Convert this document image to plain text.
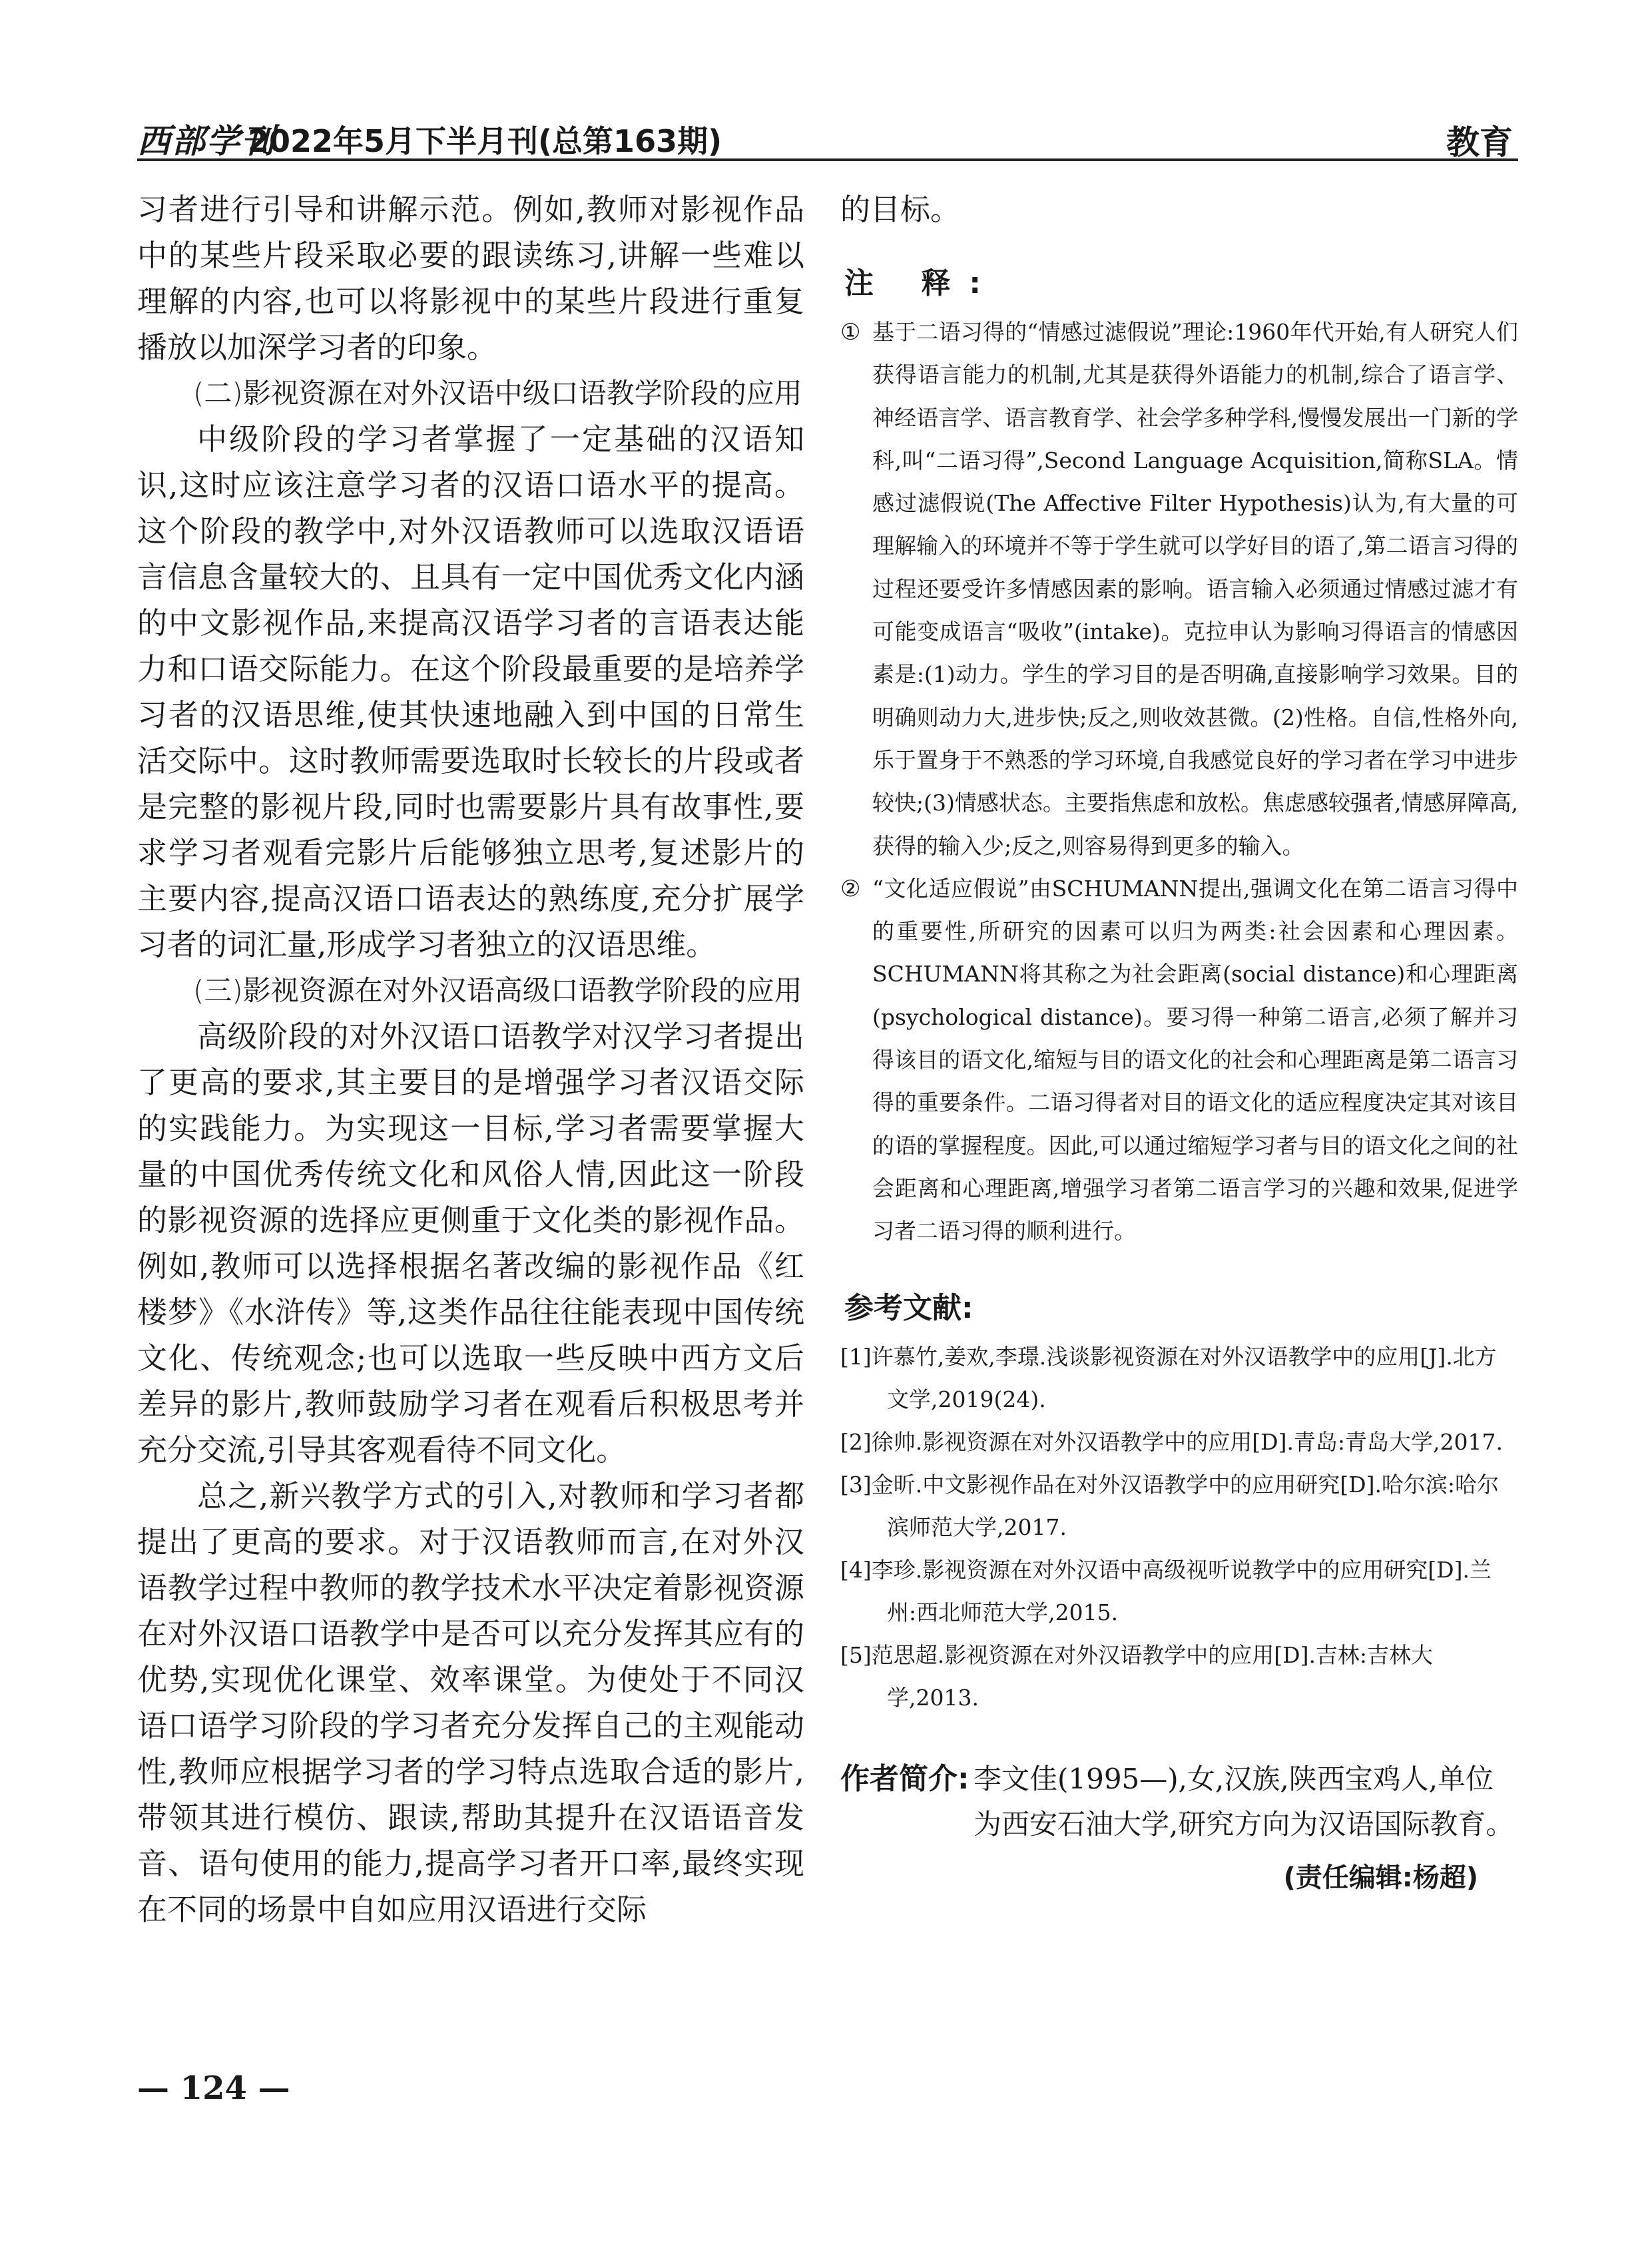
西部学刊
2022年5月下半月刊(总第163期)	教育

习者进行引导和讲解示范。例如,教师对影视作品中的某些片段采取必要的跟读练习,讲解一些难以理解的内容,也可以将影视中的某些片段进行重复播放以加深学习者的印象。

(二)影视资源在对外汉语中级口语教学阶段的应用

中级阶段的学习者掌握了一定基础的汉语知识,这时应该注意学习者的汉语口语水平的提高。这个阶段的教学中,对外汉语教师可以选取汉语语言信息含量较大的、且具有一定中国优秀文化内涵的中文影视作品,来提高汉语学习者的言语表达能力和口语交际能力。在这个阶段最重要的是培养学习者的汉语思维,使其快速地融入到中国的日常生活交际中。这时教师需要选取时长较长的片段或者是完整的影视片段,同时也需要影片具有故事性,要求学习者观看完影片后能够独立思考,复述影片的主要内容,提高汉语口语表达的熟练度,充分扩展学习者的词汇量,形成学习者独立的汉语思维。

(三)影视资源在对外汉语高级口语教学阶段的应用

高级阶段的对外汉语口语教学对汉学习者提出了更高的要求,其主要目的是增强学习者汉语交际的实践能力。为实现这一目标,学习者需要掌握大量的中国优秀传统文化和风俗人情,因此这一阶段的影视资源的选择应更侧重于文化类的影视作品。例如,教师可以选择根据名著改编的影视作品《红楼梦》《水浒传》等,这类作品往往能表现中国传统文化、传统观念;也可以选取一些反映中西方文后差异的影片,教师鼓励学习者在观看后积极思考并充分交流,引导其客观看待不同文化。

总之,新兴教学方式的引入,对教师和学习者都提出了更高的要求。对于汉语教师而言,在对外汉语教学过程中教师的教学技术水平决定着影视资源在对外汉语口语教学中是否可以充分发挥其应有的优势,实现优化课堂、效率课堂。为使处于不同汉语口语学习阶段的学习者充分发挥自己的主观能动性,教师应根据学习者的学习特点选取合适的影片,带领其进行模仿、跟读,帮助其提升在汉语语音发音、语句使用的能力,提高学习者开口率,最终实现在不同的场景中自如应用汉语进行交际

的目标。

注 释:

① 基于二语习得的“情感过滤假说”理论:1960年代开始,有人研究人们获得语言能力的机制,尤其是获得外语能力的机制,综合了语言学、神经语言学、语言教育学、社会学多种学科,慢慢发展出一门新的学科,叫“二语习得”,Second Language Acquisition,简称SLA。情感过滤假说(The Affective Filter Hypothesis)认为,有大量的可理解输入的环境并不等于学生就可以学好目的语了,第二语言习得的过程还要受许多情感因素的影响。语言输入必须通过情感过滤才有可能变成语言“吸收”(intake)。克拉申认为影响习得语言的情感因素是:(1)动力。学生的学习目的是否明确,直接影响学习效果。目的明确则动力大,进步快;反之,则收效甚微。(2)性格。自信,性格外向,乐于置身于不熟悉的学习环境,自我感觉良好的学习者在学习中进步较快;(3)情感状态。主要指焦虑和放松。焦虑感较强者,情感屏障高,获得的输入少;反之,则容易得到更多的输入。

② “文化适应假说”由SCHUMANN提出,强调文化在第二语言习得中的重要性,所研究的因素可以归为两类:社会因素和心理因素。SCHUMANN将其称之为社会距离(social distance)和心理距离(psychological distance)。要习得一种第二语言,必须了解并习得该目的语文化,缩短与目的语文化的社会和心理距离是第二语言习得的重要条件。二语习得者对目的语文化的适应程度决定其对该目的语的掌握程度。因此,可以通过缩短学习者与目的语文化之间的社会距离和心理距离,增强学习者第二语言学习的兴趣和效果,促进学习者二语习得的顺利进行。

参考文献:

[1]许慕竹,姜欢,李璟.浅谈影视资源在对外汉语教学中的应用[J].北方文学,2019(24).

[2]徐帅.影视资源在对外汉语教学中的应用[D].青岛:青岛大学,2017.

[3]金昕.中文影视作品在对外汉语教学中的应用研究[D].哈尔滨:哈尔滨师范大学,2017.

[4]李珍.影视资源在对外汉语中高级视听说教学中的应用研究[D].兰州:西北师范大学,2015.

[5]范思超.影视资源在对外汉语教学中的应用[D].吉林:吉林大学,2013.

作者简介: 李文佳(1995—),女,汉族,陕西宝鸡人,单位为西安石油大学,研究方向为汉语国际教育。
(责任编辑:杨超)
— 124 —
